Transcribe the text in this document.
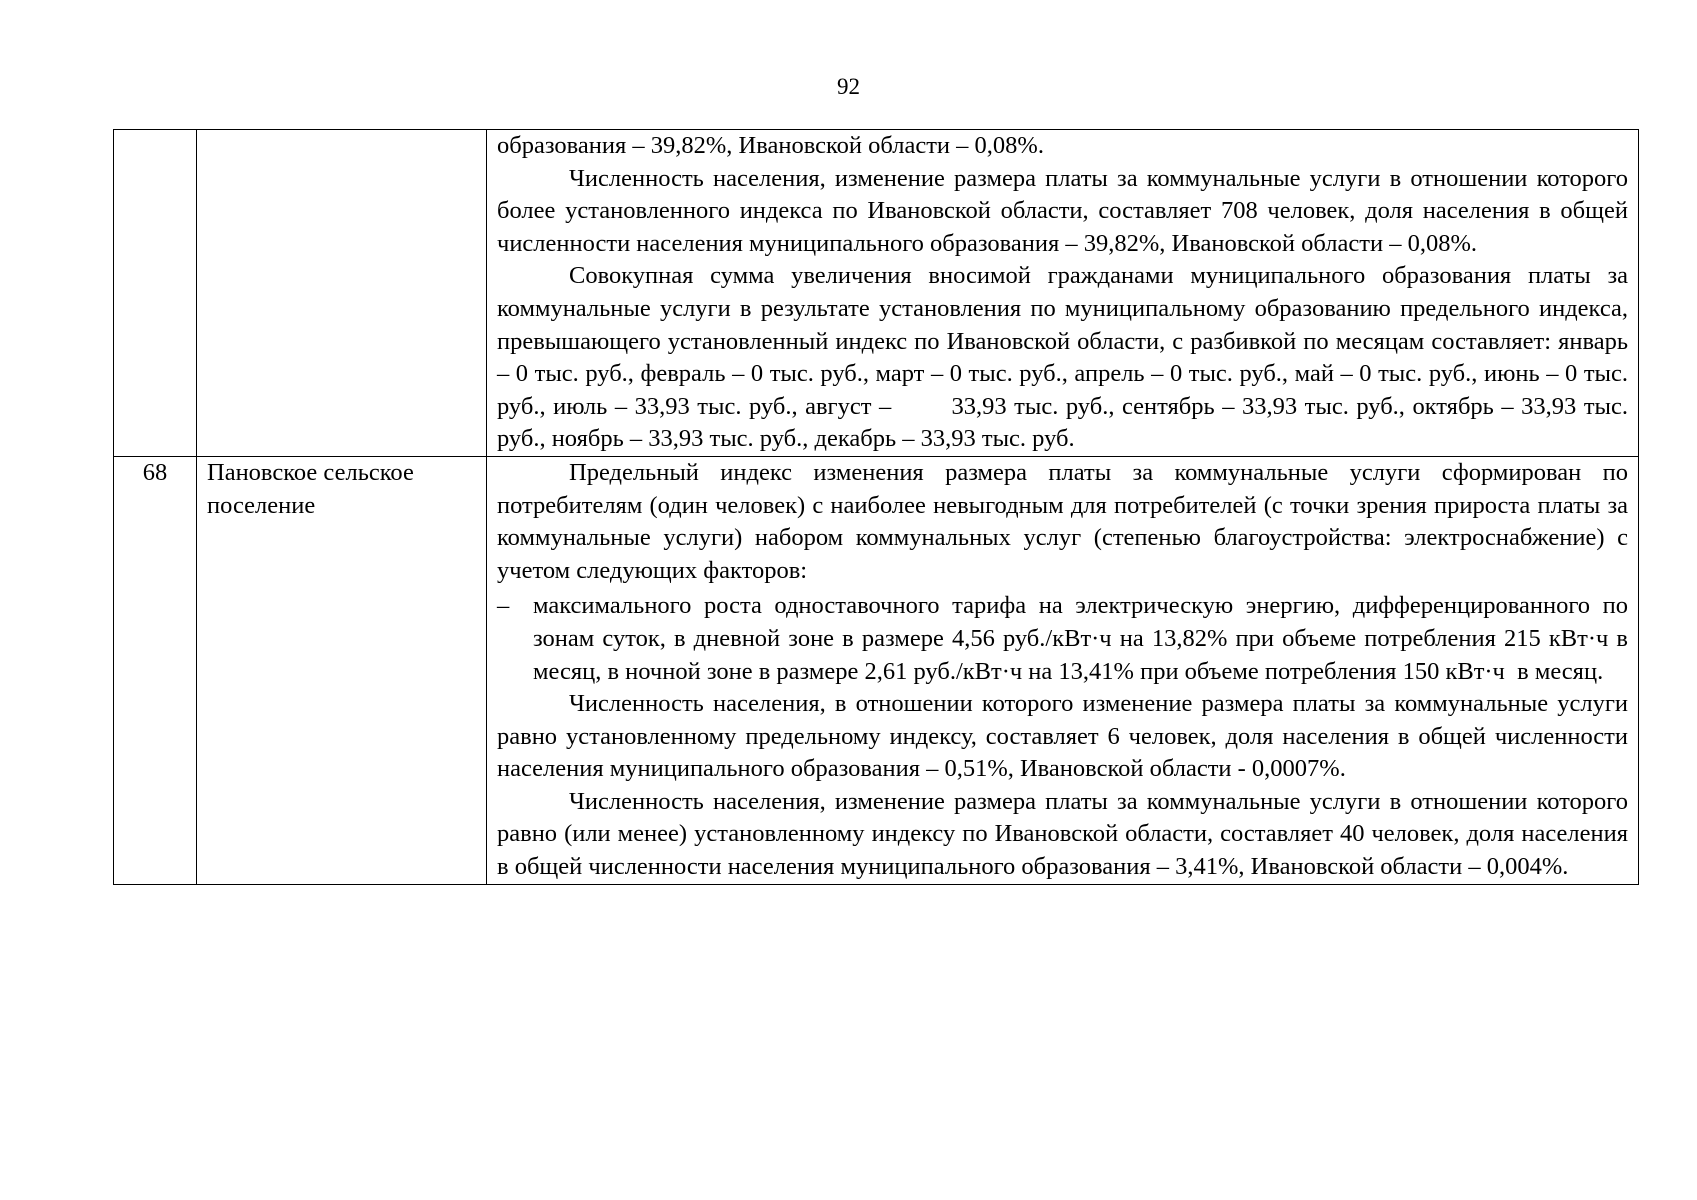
92

		образования – 39,82%, Ивановской области – 0,08%.

Численность населения, изменение размера платы за коммунальные услуги в отношении которого более установленного индекса по Ивановской области, составляет 708 человек, доля населения в общей численности населения муниципального образования – 39,82%, Ивановской области – 0,08%.

Совокупная сумма увеличения вносимой гражданами муниципального образования платы за коммунальные услуги в результате установления по муниципальному образованию предельного индекса, превышающего установленный индекс по Ивановской области, с разбивкой по месяцам составляет: январь – 0 тыс. руб., февраль – 0 тыс. руб., март – 0 тыс. руб., апрель – 0 тыс. руб., май – 0 тыс. руб., июнь – 0 тыс. руб., июль – 33,93 тыс. руб., август –        33,93 тыс. руб., сентябрь – 33,93 тыс. руб., октябрь – 33,93 тыс. руб., ноябрь – 33,93 тыс. руб., декабрь – 33,93 тыс. руб.

68	Пановское сельское поселение	Предельный индекс изменения размера платы за коммунальные услуги сформирован по потребителям (один человек) с наиболее невыгодным для потребителей (с точки зрения прироста платы за коммунальные услуги) набором коммунальных услуг (степенью благоустройства: электроснабжение) с учетом следующих факторов:

– максимального роста одноставочного тарифа на электрическую энергию, дифференцированного по зонам суток, в дневной зоне в размере 4,56 руб./кВт·ч на 13,82% при объеме потребления 215 кВт·ч в месяц, в ночной зоне в размере 2,61 руб./кВт·ч на 13,41% при объеме потребления 150 кВт·ч  в месяц.

Численность населения, в отношении которого изменение размера платы за коммунальные услуги равно установленному предельному индексу, составляет 6 человек, доля населения в общей численности населения муниципального образования – 0,51%, Ивановской области - 0,0007%.

Численность населения, изменение размера платы за коммунальные услуги в отношении которого равно (или менее) установленному индексу по Ивановской области, составляет 40 человек, доля населения в общей численности населения муниципального образования – 3,41%, Ивановской области – 0,004%.
